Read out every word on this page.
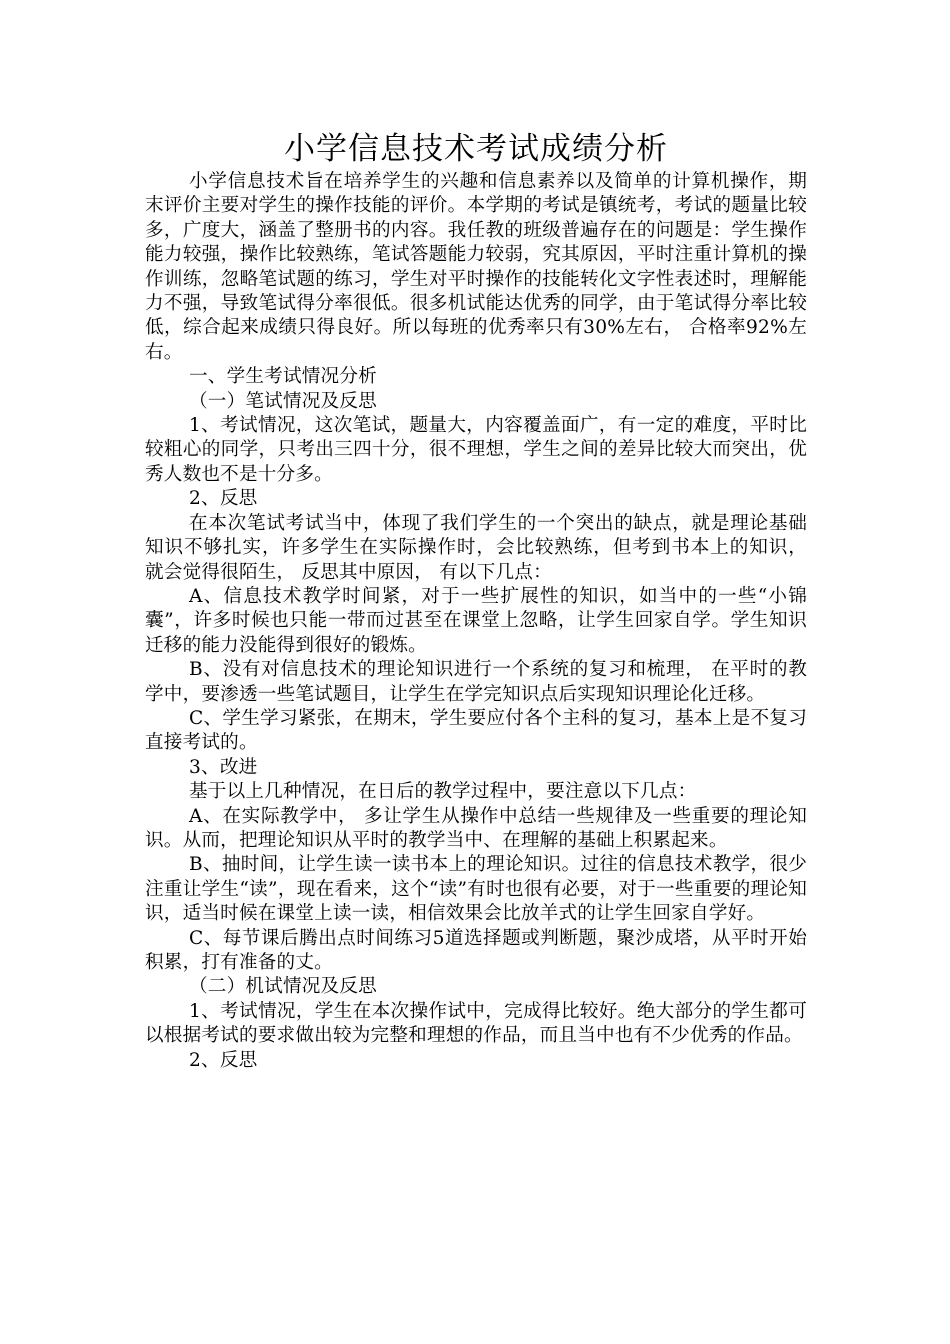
小学信息技术考试成绩分析

小学信息技术旨在培养学生的兴趣和信息素养以及简单的计算机操作，期末评价主要对学生的操作技能的评价。本学期的考试是镇统考，考试的题量比较多，广度大，涵盖了整册书的内容。我任教的班级普遍存在的问题是：学生操作能力较强，操作比较熟练，笔试答题能力较弱，究其原因，平时注重计算机的操作训练，忽略笔试题的练习，学生对平时操作的技能转化文字性表述时，理解能力不强，导致笔试得分率很低。很多机试能达优秀的同学，由于笔试得分率比较低，综合起来成绩只得良好。所以每班的优秀率只有30%左右， 合格率92%左右。

一、学生考试情况分析

（一）笔试情况及反思

1、考试情况，这次笔试，题量大，内容覆盖面广，有一定的难度，平时比较粗心的同学，只考出三四十分，很不理想，学生之间的差异比较大而突出，优秀人数也不是十分多。

2、反思

在本次笔试考试当中，体现了我们学生的一个突出的缺点，就是理论基础知识不够扎实，许多学生在实际操作时，会比较熟练，但考到书本上的知识， 就会觉得很陌生， 反思其中原因， 有以下几点：

A、信息技术教学时间紧，对于一些扩展性的知识，如当中的一些“小锦囊”，许多时候也只能一带而过甚至在课堂上忽略，让学生回家自学。学生知识迁移的能力没能得到很好的锻炼。

B、没有对信息技术的理论知识进行一个系统的复习和梳理， 在平时的教学中，要渗透一些笔试题目，让学生在学完知识点后实现知识理论化迁移。

C、学生学习紧张，在期末，学生要应付各个主科的复习，基本上是不复习直接考试的。

3、改进

基于以上几种情况，在日后的教学过程中，要注意以下几点：

A、在实际教学中， 多让学生从操作中总结一些规律及一些重要的理论知识。从而，把理论知识从平时的教学当中、在理解的基础上积累起来。

B、抽时间，让学生读一读书本上的理论知识。过往的信息技术教学，很少注重让学生“读”，现在看来，这个“读”有时也很有必要，对于一些重要的理论知识，适当时候在课堂上读一读，相信效果会比放羊式的让学生回家自学好。

C、每节课后腾出点时间练习5道选择题或判断题，聚沙成塔，从平时开始积累，打有准备的丈。

（二）机试情况及反思

1、考试情况，学生在本次操作试中，完成得比较好。绝大部分的学生都可以根据考试的要求做出较为完整和理想的作品，而且当中也有不少优秀的作品。

2、反思
